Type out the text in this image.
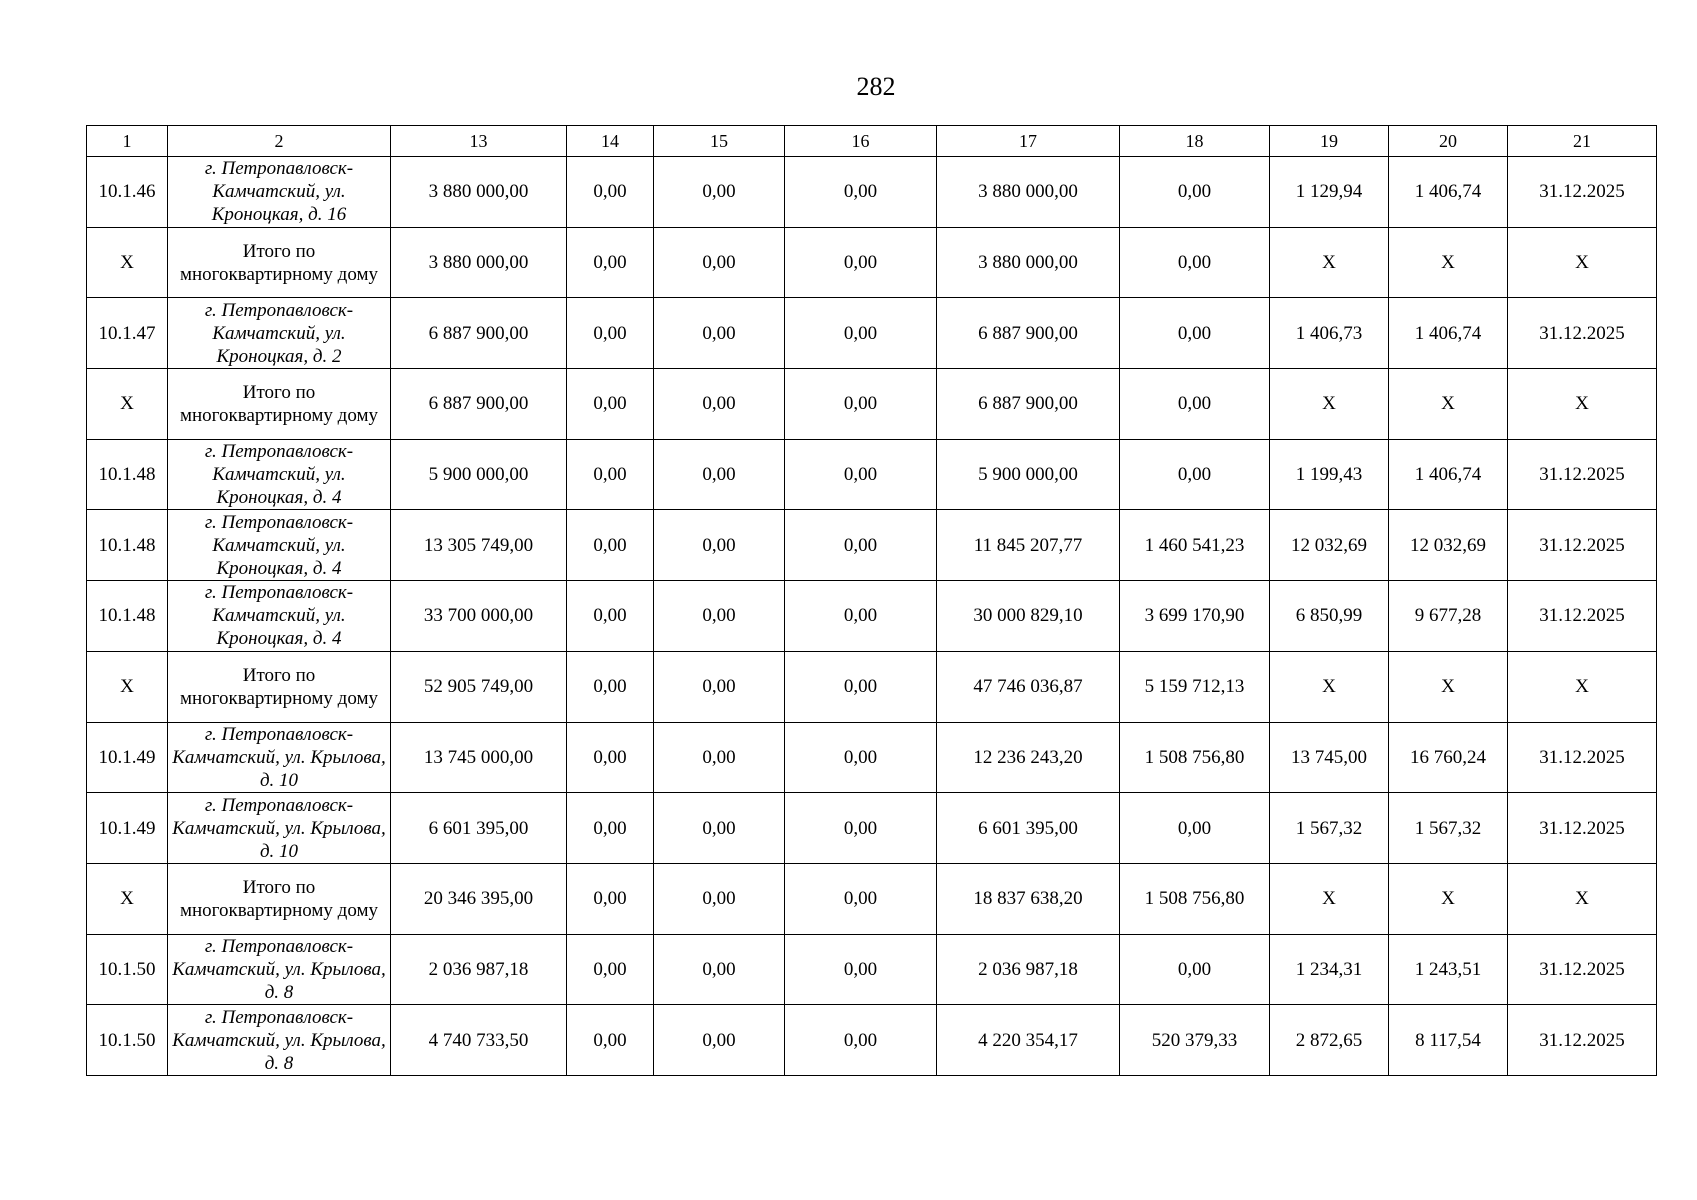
282
1	2	13	14	15	16	17	18	19	20	21
10.1.46	г. Петропавловск-Камчатский, ул. Кроноцкая, д. 16	3 880 000,00	0,00	0,00	0,00	3 880 000,00	0,00	1 129,94	1 406,74	31.12.2025
Х	Итого по многоквартирному дому	3 880 000,00	0,00	0,00	0,00	3 880 000,00	0,00	Х	Х	Х
10.1.47	г. Петропавловск-Камчатский, ул. Кроноцкая, д. 2	6 887 900,00	0,00	0,00	0,00	6 887 900,00	0,00	1 406,73	1 406,74	31.12.2025
Х	Итого по многоквартирному дому	6 887 900,00	0,00	0,00	0,00	6 887 900,00	0,00	Х	Х	Х
10.1.48	г. Петропавловск-Камчатский, ул. Кроноцкая, д. 4	5 900 000,00	0,00	0,00	0,00	5 900 000,00	0,00	1 199,43	1 406,74	31.12.2025
10.1.48	г. Петропавловск-Камчатский, ул. Кроноцкая, д. 4	13 305 749,00	0,00	0,00	0,00	11 845 207,77	1 460 541,23	12 032,69	12 032,69	31.12.2025
10.1.48	г. Петропавловск-Камчатский, ул. Кроноцкая, д. 4	33 700 000,00	0,00	0,00	0,00	30 000 829,10	3 699 170,90	6 850,99	9 677,28	31.12.2025
Х	Итого по многоквартирному дому	52 905 749,00	0,00	0,00	0,00	47 746 036,87	5 159 712,13	Х	Х	Х
10.1.49	г. Петропавловск-Камчатский, ул. Крылова, д. 10	13 745 000,00	0,00	0,00	0,00	12 236 243,20	1 508 756,80	13 745,00	16 760,24	31.12.2025
10.1.49	г. Петропавловск-Камчатский, ул. Крылова, д. 10	6 601 395,00	0,00	0,00	0,00	6 601 395,00	0,00	1 567,32	1 567,32	31.12.2025
Х	Итого по многоквартирному дому	20 346 395,00	0,00	0,00	0,00	18 837 638,20	1 508 756,80	Х	Х	Х
10.1.50	г. Петропавловск-Камчатский, ул. Крылова, д. 8	2 036 987,18	0,00	0,00	0,00	2 036 987,18	0,00	1 234,31	1 243,51	31.12.2025
10.1.50	г. Петропавловск-Камчатский, ул. Крылова, д. 8	4 740 733,50	0,00	0,00	0,00	4 220 354,17	520 379,33	2 872,65	8 117,54	31.12.2025
